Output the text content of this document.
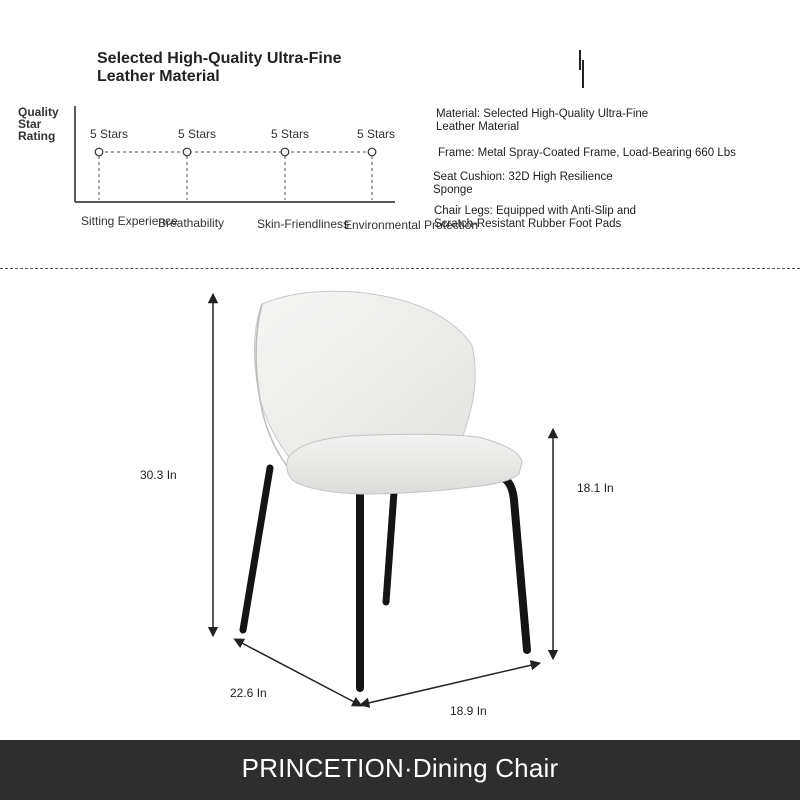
Selected High-Quality Ultra-Fine
Leather Material
Quality
Star
Rating	5 Stars
Sitting Experience
5 Stars
Breathability
5 Stars
Skin-Friendliness
5 Stars
Environmental Protection
Material: Selected High-Quality Ultra-Fine
Leather Material
Frame: Metal Spray-Coated Frame, Load-Bearing 660 Lbs
Seat Cushion: 32D High Resilience
Sponge
Chair Legs: Equipped with Anti-Slip and
Scratch-Resistant Rubber Foot Pads
30.3 In
18.1 In
22.6 In
18.9 In
PRINCETION·Dining Chair
